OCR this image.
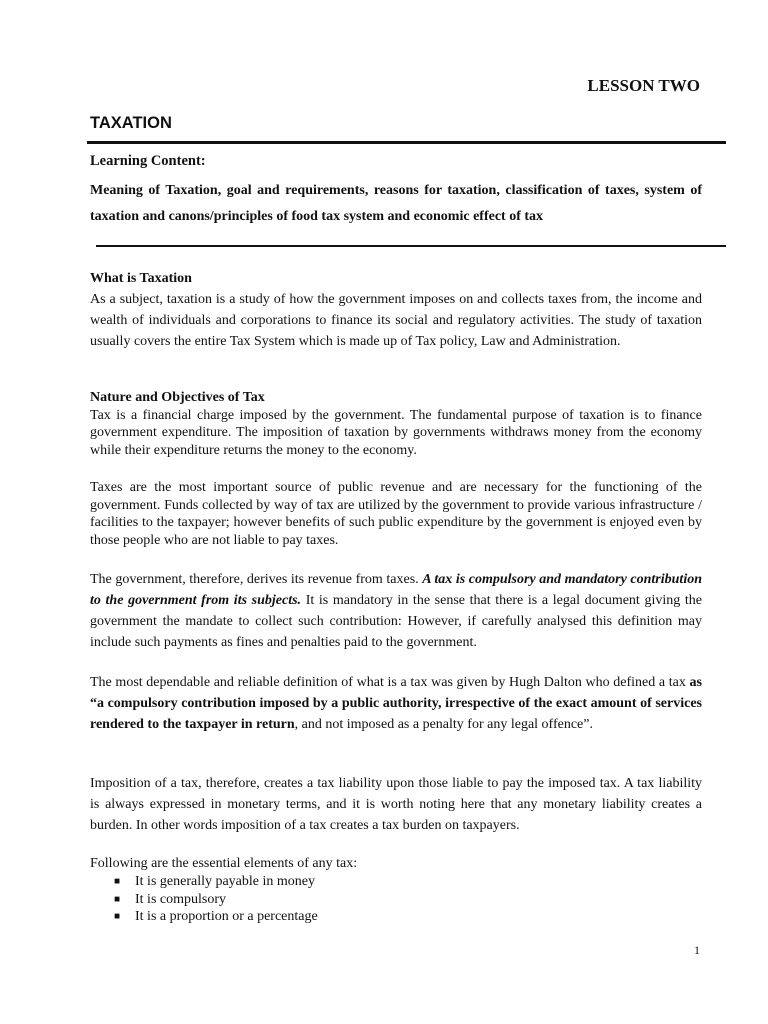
LESSON TWO
TAXATION
Learning Content:
Meaning of Taxation, goal and requirements, reasons for taxation, classification of taxes, system of taxation and canons/principles of food tax system and economic effect of tax
What is Taxation

As a subject, taxation is a study of how the government imposes on and collects taxes from, the income and wealth of individuals and corporations to finance its social and regulatory activities. The study of taxation usually covers the entire Tax System which is made up of Tax policy, Law and Administration.

Nature and Objectives of Tax

Tax is a financial charge imposed by the government. The fundamental purpose of taxation is to finance government expenditure. The imposition of taxation by governments withdraws money from the economy while their expenditure returns the money to the economy.

Taxes are the most important source of public revenue and are necessary for the functioning of the government. Funds collected by way of tax are utilized by the government to provide various infrastructure / facilities to the taxpayer; however benefits of such public expenditure by the government is enjoyed even by those people who are not liable to pay taxes.
The government, therefore, derives its revenue from taxes. A tax is compulsory and mandatory contribution to the government from its subjects. It is mandatory in the sense that there is a legal document giving the government the mandate to collect such contribution: However, if carefully analysed this definition may include such payments as fines and penalties paid to the government.
The most dependable and reliable definition of what is a tax was given by Hugh Dalton who defined a tax as “a compulsory contribution imposed by a public authority, irrespective of the exact amount of services rendered to the taxpayer in return, and not imposed as a penalty for any legal offence”.
Imposition of a tax, therefore, creates a tax liability upon those liable to pay the imposed tax. A tax liability is always expressed in monetary terms, and it is worth noting here that any monetary liability creates a burden. In other words imposition of a tax creates a tax burden on taxpayers.
Following are the essential elements of any tax:
■ It is generally payable in money
■ It is compulsory
■ It is a proportion or a percentage
1
